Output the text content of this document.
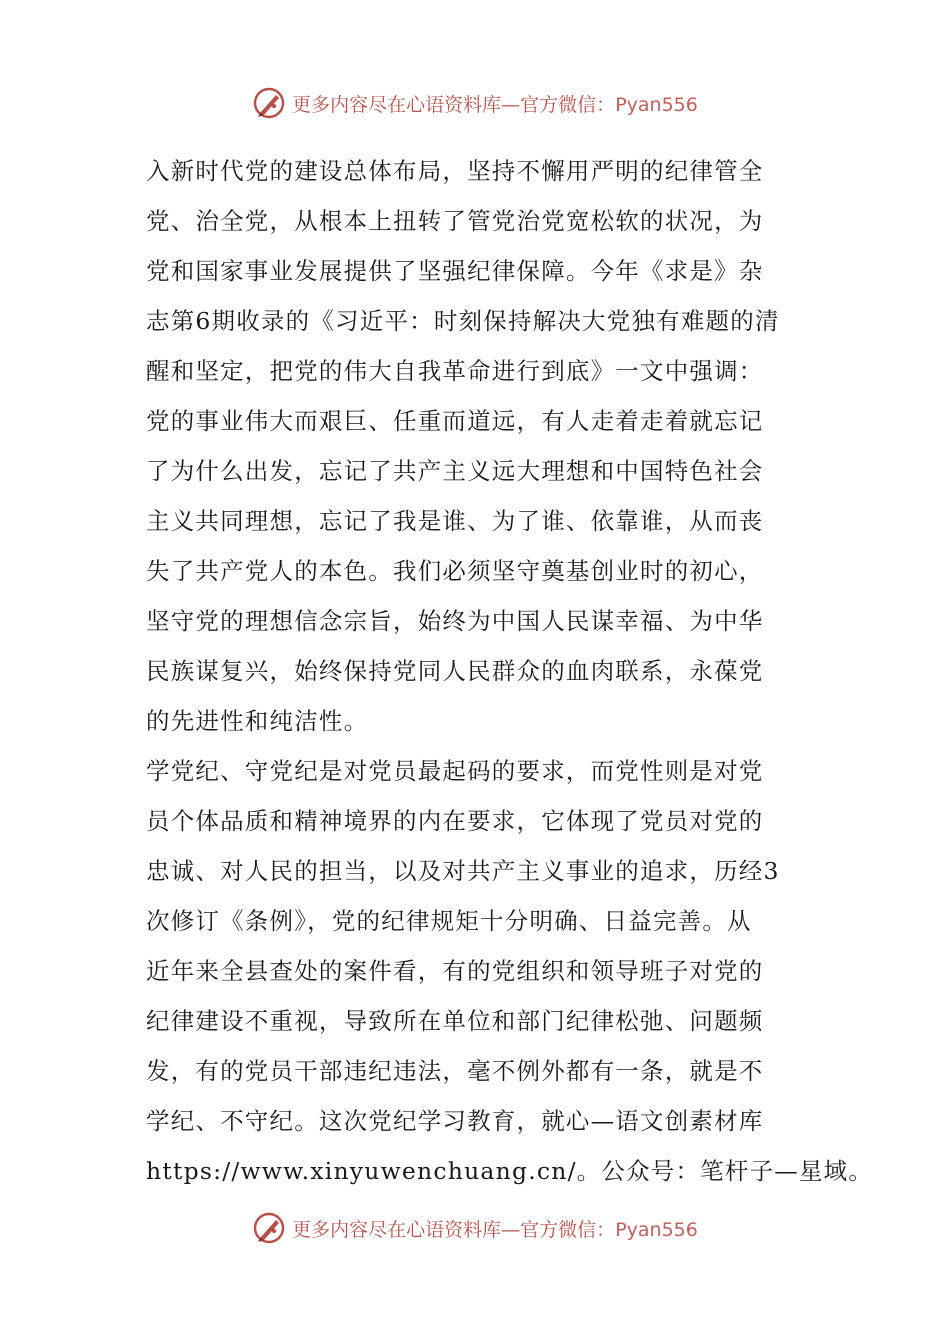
更多内容尽在心语资料库—官方微信：Pyan556
入新时代党的建设总体布局，坚持不懈用严明的纪律管全
党、治全党，从根本上扭转了管党治党宽松软的状况，为
党和国家事业发展提供了坚强纪律保障。今年《求是》杂
志第6期收录的《习近平：时刻保持解决大党独有难题的清
醒和坚定，把党的伟大自我革命进行到底》一文中强调：
党的事业伟大而艰巨、任重而道远，有人走着走着就忘记
了为什么出发，忘记了共产主义远大理想和中国特色社会
主义共同理想，忘记了我是谁、为了谁、依靠谁，从而丧
失了共产党人的本色。我们必须坚守奠基创业时的初心，
坚守党的理想信念宗旨，始终为中国人民谋幸福、为中华
民族谋复兴，始终保持党同人民群众的血肉联系，永葆党
的先进性和纯洁性。
学党纪、守党纪是对党员最起码的要求，而党性则是对党
员个体品质和精神境界的内在要求，它体现了党员对党的
忠诚、对人民的担当，以及对共产主义事业的追求，历经3
次修订《条例》，党的纪律规矩十分明确、日益完善。从
近年来全县查处的案件看，有的党组织和领导班子对党的
纪律建设不重视，导致所在单位和部门纪律松弛、问题频
发，有的党员干部违纪违法，毫不例外都有一条，就是不
学纪、不守纪。这次党纪学习教育，就心—语文创素材库
https://www.xinyuwenchuang.cn/。公众号：笔杆子—星域。
更多内容尽在心语资料库—官方微信：Pyan556
